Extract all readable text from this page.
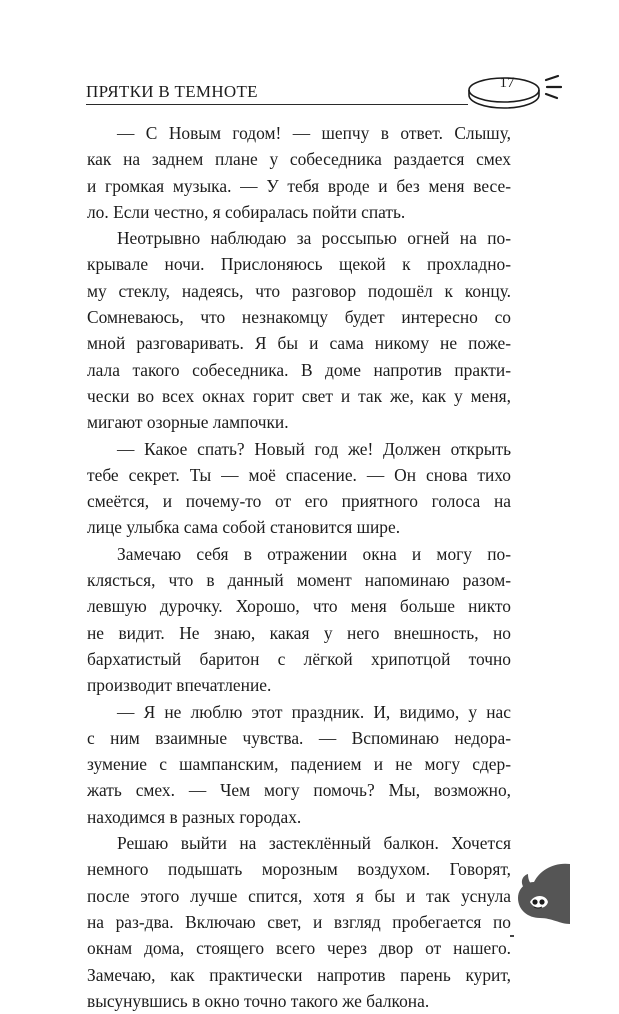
ПРЯТКИ В ТЕМНОТЕ	17
— С Новым годом! — шепчу в ответ. Слышу,
как на заднем плане у собеседника раздается смех
и громкая музыка. — У тебя вроде и без меня весе-
ло. Если честно, я собиралась пойти спать.
Неотрывно наблюдаю за россыпью огней на по-
крывале ночи. Прислоняюсь щекой к прохладно-
му стеклу, надеясь, что разговор подошёл к концу.
Сомневаюсь, что незнакомцу будет интересно со
мной разговаривать. Я бы и сама никому не поже-
лала такого собеседника. В доме напротив практи-
чески во всех окнах горит свет и так же, как у меня,
мигают озорные лампочки.
— Какое спать? Новый год же! Должен открыть
тебе секрет. Ты — моё спасение. — Он снова тихо
смеётся, и почему-то от его приятного голоса на
лице улыбка сама собой становится шире.
Замечаю себя в отражении окна и могу по-
клясться, что в данный момент напоминаю разом-
левшую дурочку. Хорошо, что меня больше никто
не видит. Не знаю, какая у него внешность, но
бархатистый баритон с лёгкой хрипотцой точно
производит впечатление.
— Я не люблю этот праздник. И, видимо, у нас
с ним взаимные чувства. — Вспоминаю недора-
зумение с шампанским, падением и не могу сдер-
жать смех. — Чем могу помочь? Мы, возможно,
находимся в разных городах.
Решаю выйти на застеклённый балкон. Хочется
немного подышать морозным воздухом. Говорят,
после этого лучше спится, хотя я бы и так уснула
на раз-два. Включаю свет, и взгляд пробегается по
окнам дома, стоящего всего через двор от нашего.
Замечаю, как практически напротив парень курит,
высунувшись в окно точно такого же балкона.
